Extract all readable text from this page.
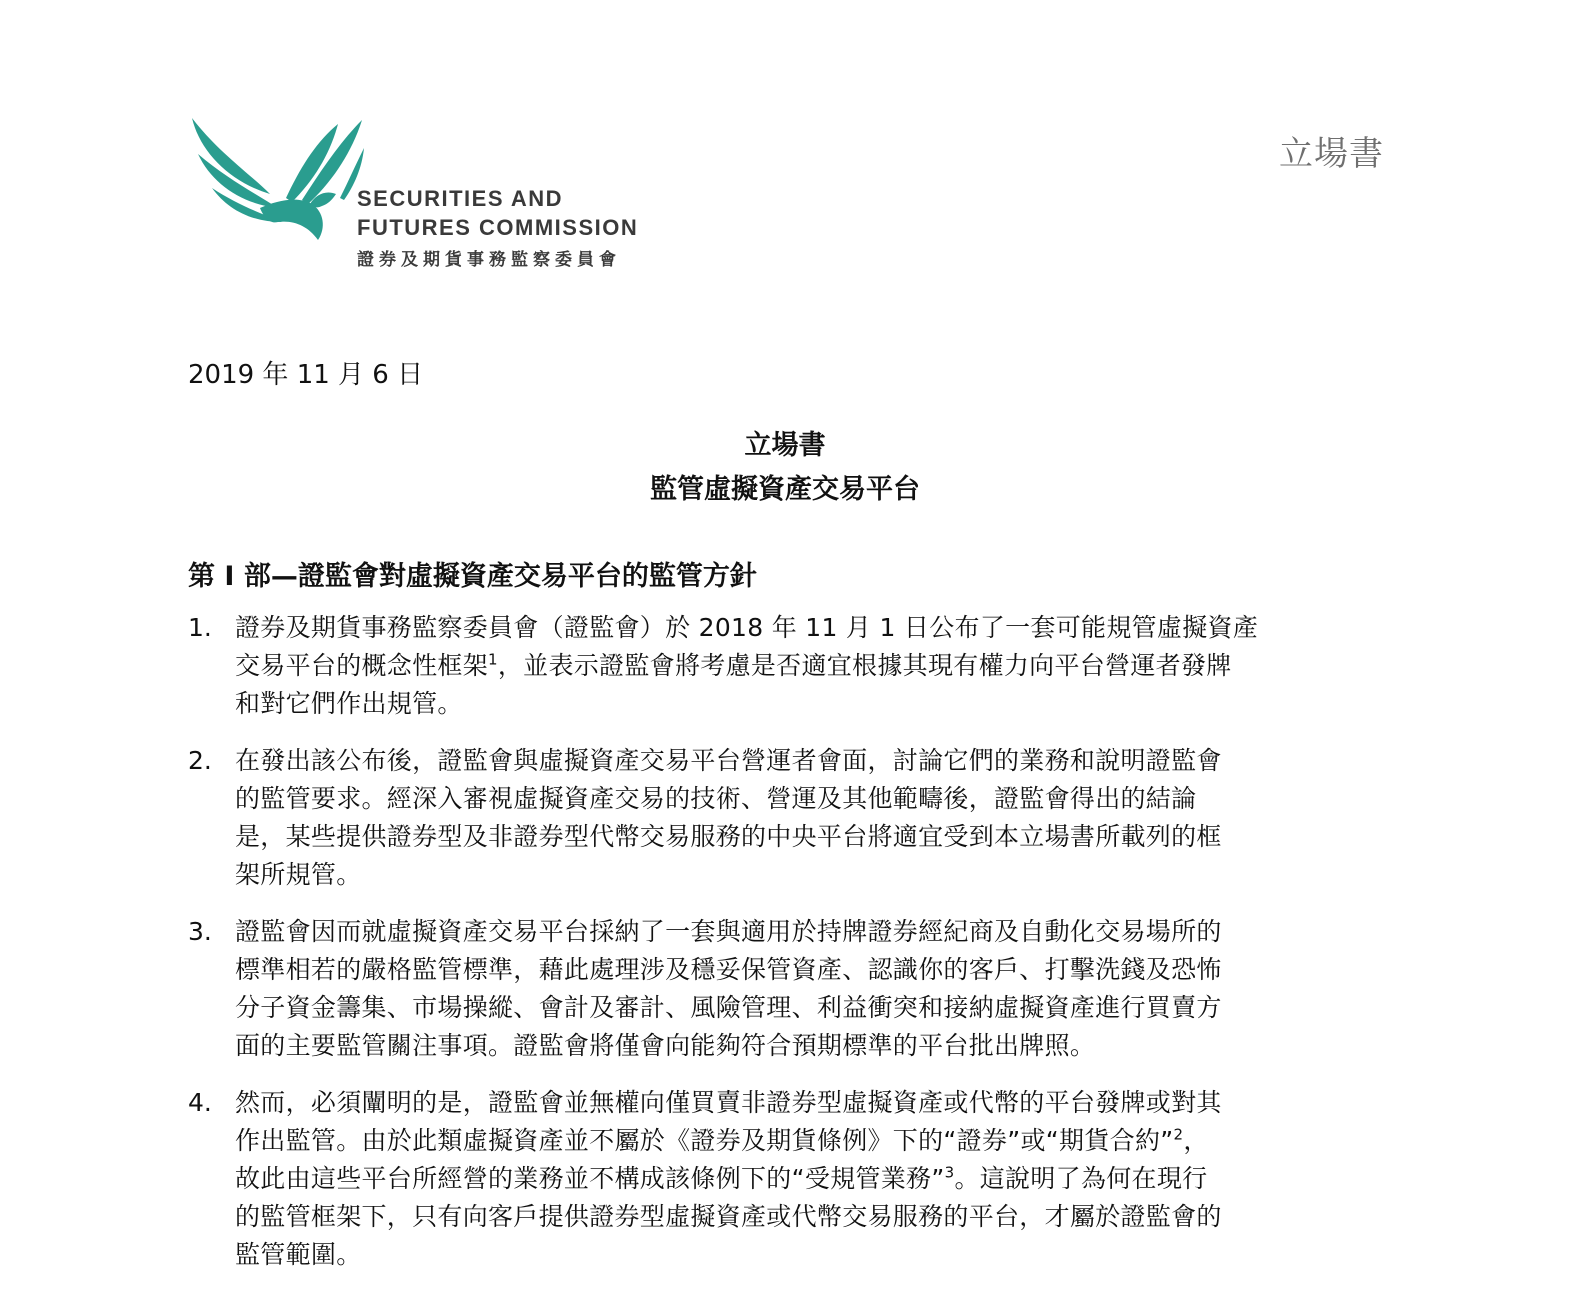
SECURITIES AND
FUTURES COMMISSION
證券及期貨事務監察委員會
立場書
2019 年 11 月 6 日
立場書
監管虛擬資產交易平台
第 I 部—證監會對虛擬資產交易平台的監管方針
1. 證券及期貨事務監察委員會（證監會）於 2018 年 11 月 1 日公布了一套可能規管虛擬資產
交易平台的概念性框架$^1$，並表示證監會將考慮是否適宜根據其現有權力向平台營運者發牌
和對它們作出規管。
2. 在發出該公布後，證監會與虛擬資產交易平台營運者會面，討論它們的業務和說明證監會
的監管要求。經深入審視虛擬資產交易的技術、營運及其他範疇後，證監會得出的結論
是，某些提供證券型及非證券型代幣交易服務的中央平台將適宜受到本立場書所載列的框
架所規管。
3. 證監會因而就虛擬資產交易平台採納了一套與適用於持牌證券經紀商及自動化交易場所的
標準相若的嚴格監管標準，藉此處理涉及穩妥保管資產、認識你的客戶、打擊洗錢及恐怖
分子資金籌集、市場操縱、會計及審計、風險管理、利益衝突和接納虛擬資產進行買賣方
面的主要監管關注事項。證監會將僅會向能夠符合預期標準的平台批出牌照。
4. 然而，必須闡明的是，證監會並無權向僅買賣非證券型虛擬資產或代幣的平台發牌或對其
作出監管。由於此類虛擬資產並不屬於《證券及期貨條例》下的“證券”或“期貨合約”$^2$，
故此由這些平台所經營的業務並不構成該條例下的“受規管業務”$^3$。這說明了為何在現行
的監管框架下，只有向客戶提供證券型虛擬資產或代幣交易服務的平台，才屬於證監會的
監管範圍。
